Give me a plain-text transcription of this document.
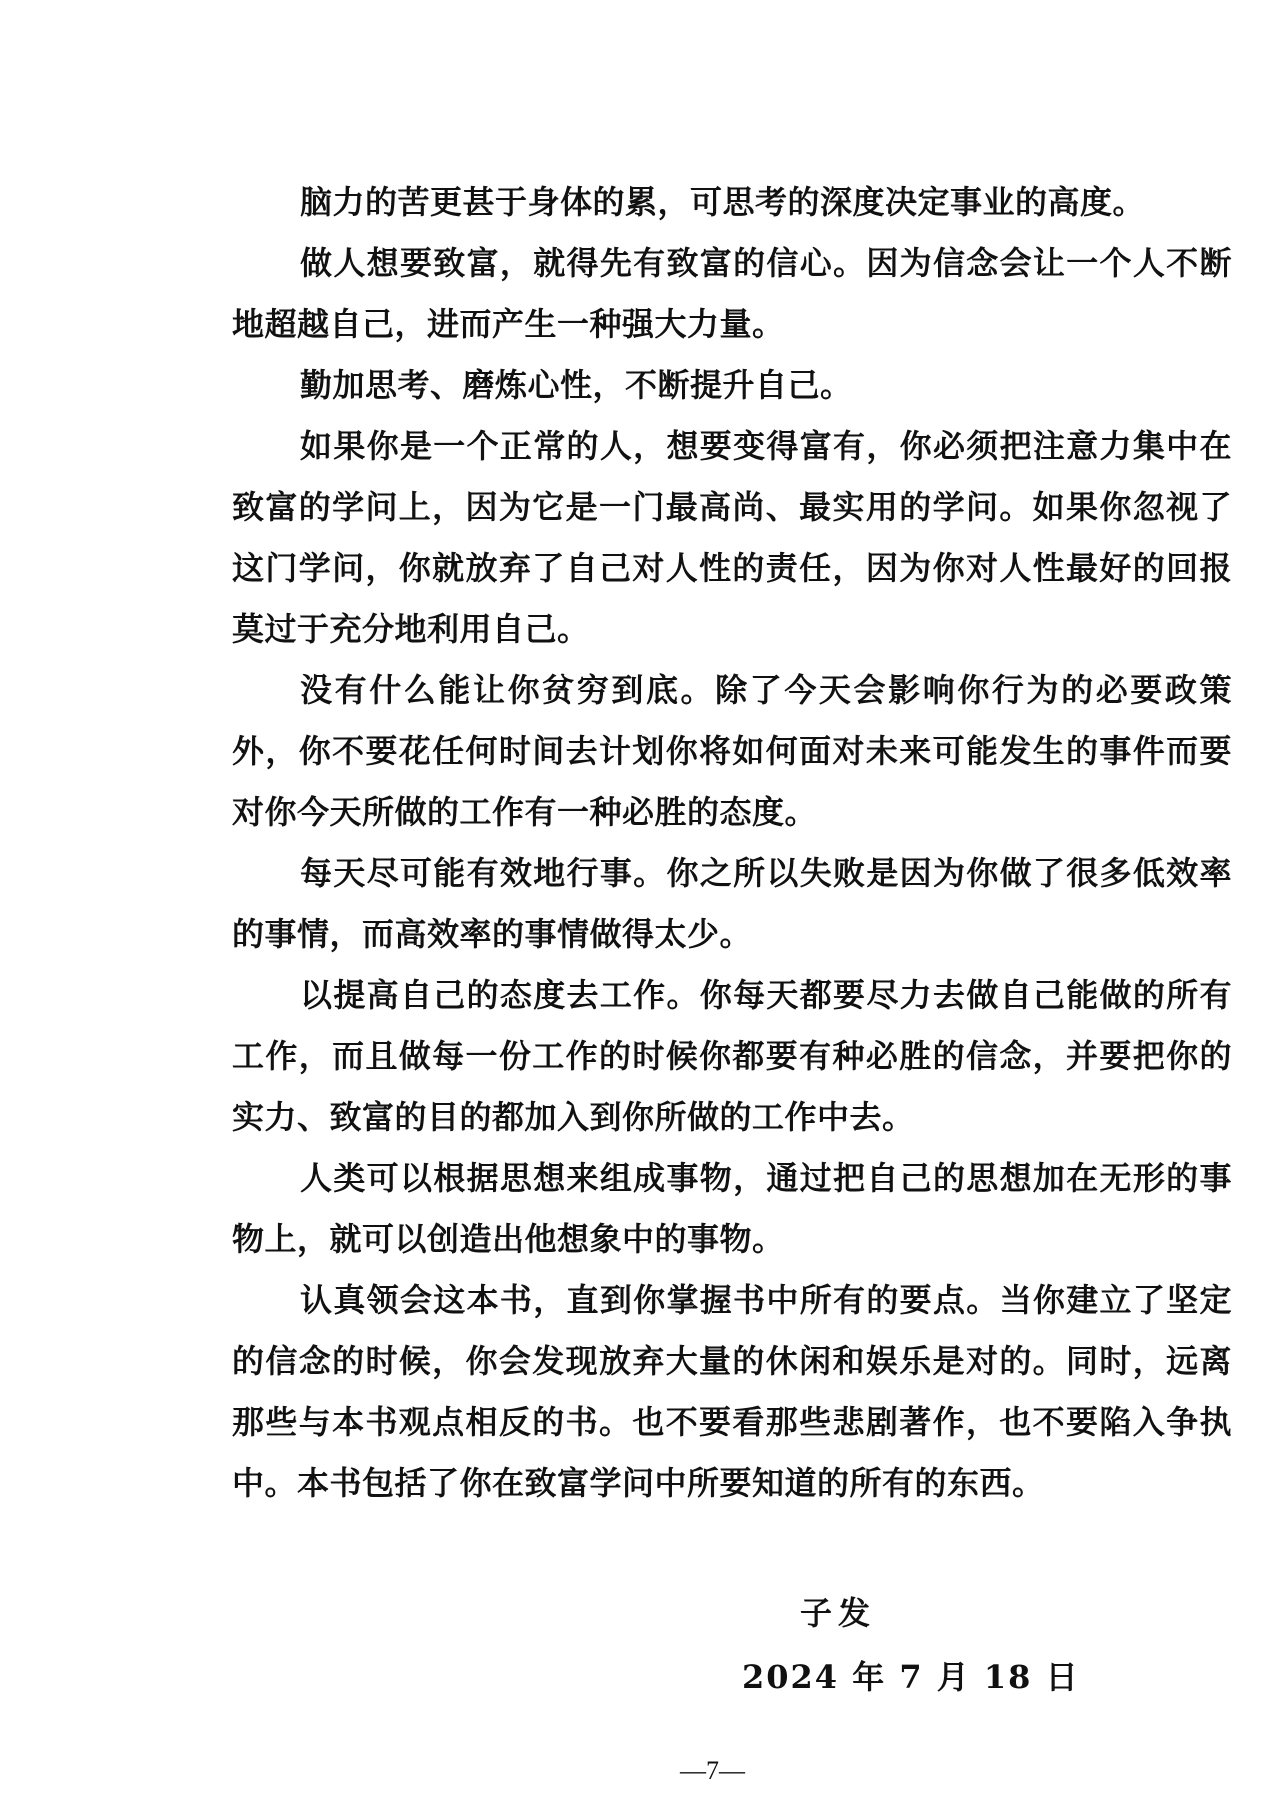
脑力的苦更甚于身体的累，可思考的深度决定事业的高度。

做人想要致富，就得先有致富的信心。因为信念会让一个人不断地超越自己，进而产生一种强大力量。

勤加思考、磨炼心性，不断提升自己。

如果你是一个正常的人，想要变得富有，你必须把注意力集中在致富的学问上，因为它是一门最高尚、最实用的学问。如果你忽视了这门学问，你就放弃了自己对人性的责任，因为你对人性最好的回报莫过于充分地利用自己。

没有什么能让你贫穷到底。除了今天会影响你行为的必要政策外，你不要花任何时间去计划你将如何面对未来可能发生的事件而要对你今天所做的工作有一种必胜的态度。

每天尽可能有效地行事。你之所以失败是因为你做了很多低效率的事情，而高效率的事情做得太少。

以提高自己的态度去工作。你每天都要尽力去做自己能做的所有工作，而且做每一份工作的时候你都要有种必胜的信念，并要把你的实力、致富的目的都加入到你所做的工作中去。

人类可以根据思想来组成事物，通过把自己的思想加在无形的事物上，就可以创造出他想象中的事物。

认真领会这本书，直到你掌握书中所有的要点。当你建立了坚定的信念的时候，你会发现放弃大量的休闲和娱乐是对的。同时，远离那些与本书观点相反的书。也不要看那些悲剧著作，也不要陷入争执中。本书包括了你在致富学问中所要知道的所有的东西。

子发
2024 年 7 月 18 日
—7—
